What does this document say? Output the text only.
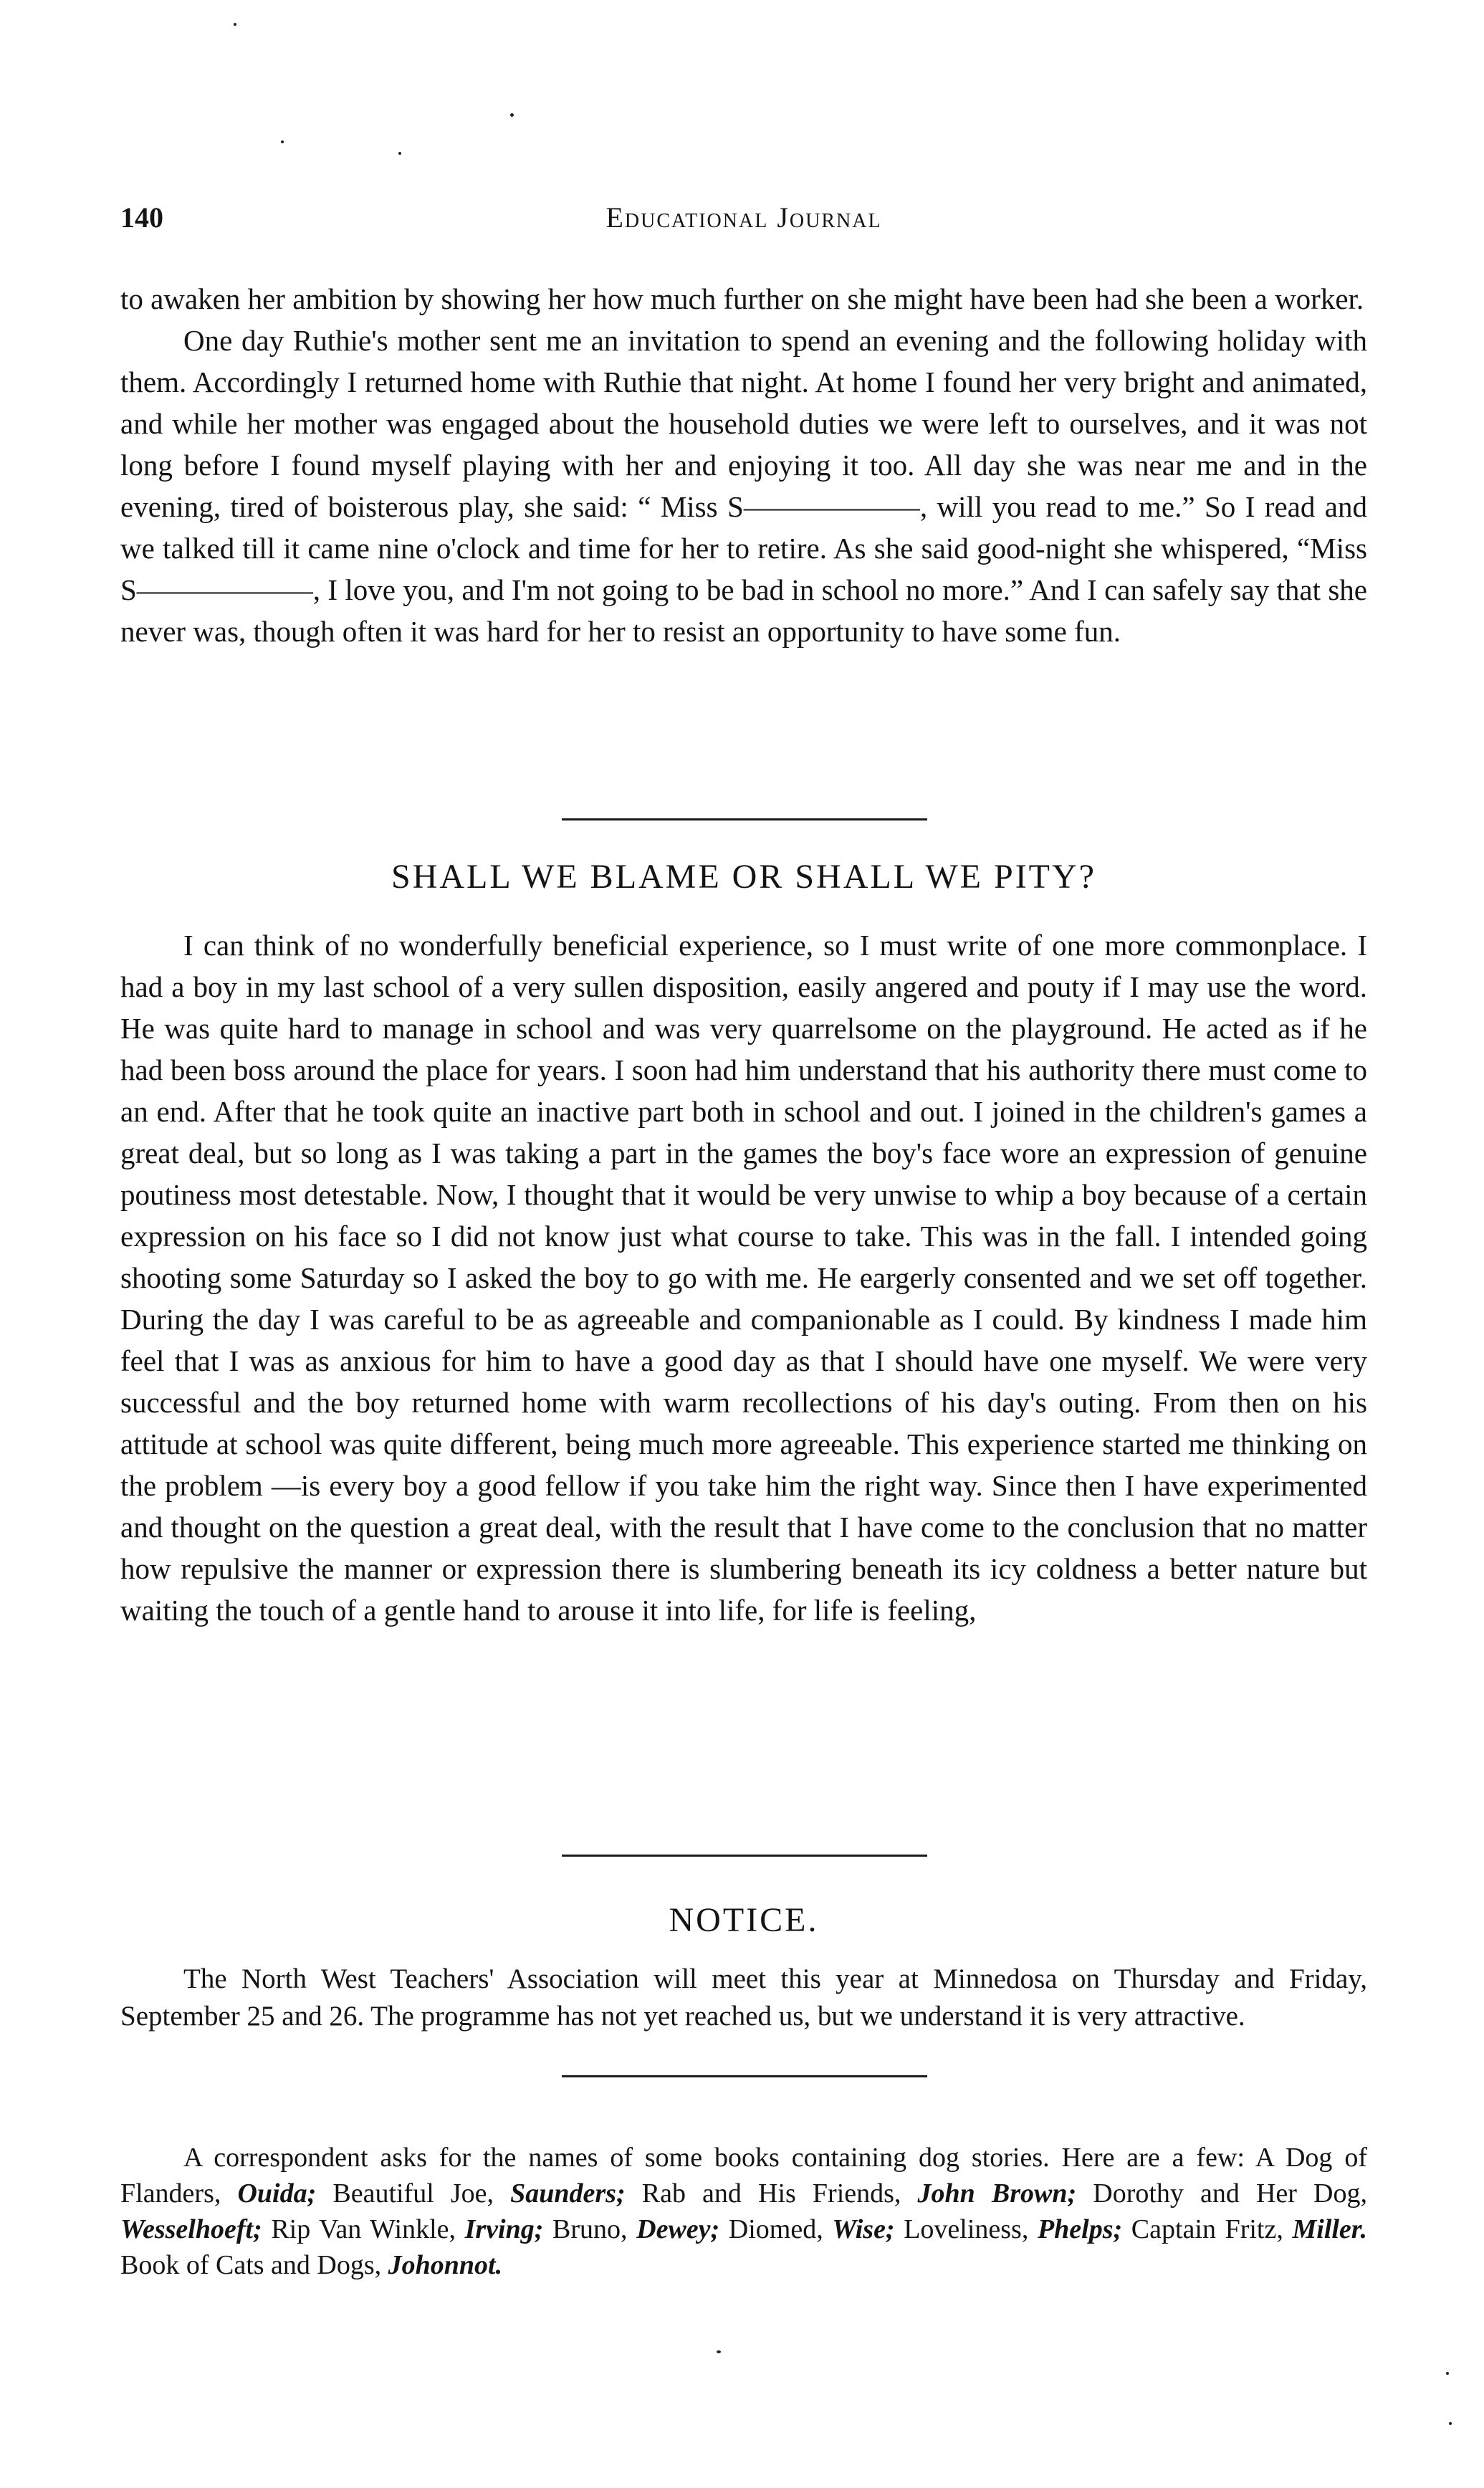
140	Educational Journal

to awaken her ambition by showing her how much further on she might have been had she been a worker.

One day Ruthie's mother sent me an invitation to spend an evening and the following holiday with them. Accordingly I returned home with Ruthie that night. At home I found her very bright and animated, and while her mother was engaged about the household duties we were left to ourselves, and it was not long before I found myself playing with her and enjoying it too. All day she was near me and in the evening, tired of boisterous play, she said: “ Miss S——————, will you read to me.” So I read and we talked till it came nine o'clock and time for her to retire. As she said good-night she whispered, “Miss S——————, I love you, and I'm not going to be bad in school no more.” And I can safely say that she never was, though often it was hard for her to resist an opportunity to have some fun.

SHALL WE BLAME OR SHALL WE PITY?

I can think of no wonderfully beneficial experience, so I must write of one more commonplace. I had a boy in my last school of a very sullen disposition, easily angered and pouty if I may use the word. He was quite hard to manage in school and was very quarrelsome on the playground. He acted as if he had been boss around the place for years. I soon had him understand that his authority there must come to an end. After that he took quite an inactive part both in school and out. I joined in the children's games a great deal, but so long as I was taking a part in the games the boy's face wore an expression of genuine poutiness most detestable. Now, I thought that it would be very unwise to whip a boy because of a certain expression on his face so I did not know just what course to take. This was in the fall. I intended going shooting some Saturday so I asked the boy to go with me. He eargerly consented and we set off together. During the day I was careful to be as agreeable and companionable as I could. By kindness I made him feel that I was as anxious for him to have a good day as that I should have one myself. We were very successful and the boy returned home with warm recollections of his day's outing. From then on his attitude at school was quite different, being much more agreeable. This experience started me thinking on the problem —is every boy a good fellow if you take him the right way. Since then I have experimented and thought on the question a great deal, with the result that I have come to the conclusion that no matter how repulsive the manner or expression there is slumbering beneath its icy coldness a better nature but waiting the touch of a gentle hand to arouse it into life, for life is feeling,

NOTICE.

The North West Teachers' Association will meet this year at Minnedosa on Thursday and Friday, September 25 and 26. The programme has not yet reached us, but we understand it is very attractive.

A correspondent asks for the names of some books containing dog stories. Here are a few: A Dog of Flanders, Ouida; Beautiful Joe, Saunders; Rab and His Friends, John Brown; Dorothy and Her Dog, Wesselhoeft; Rip Van Winkle, Irving; Bruno, Dewey; Diomed, Wise; Loveliness, Phelps; Captain Fritz, Miller. Book of Cats and Dogs, Johonnot.
